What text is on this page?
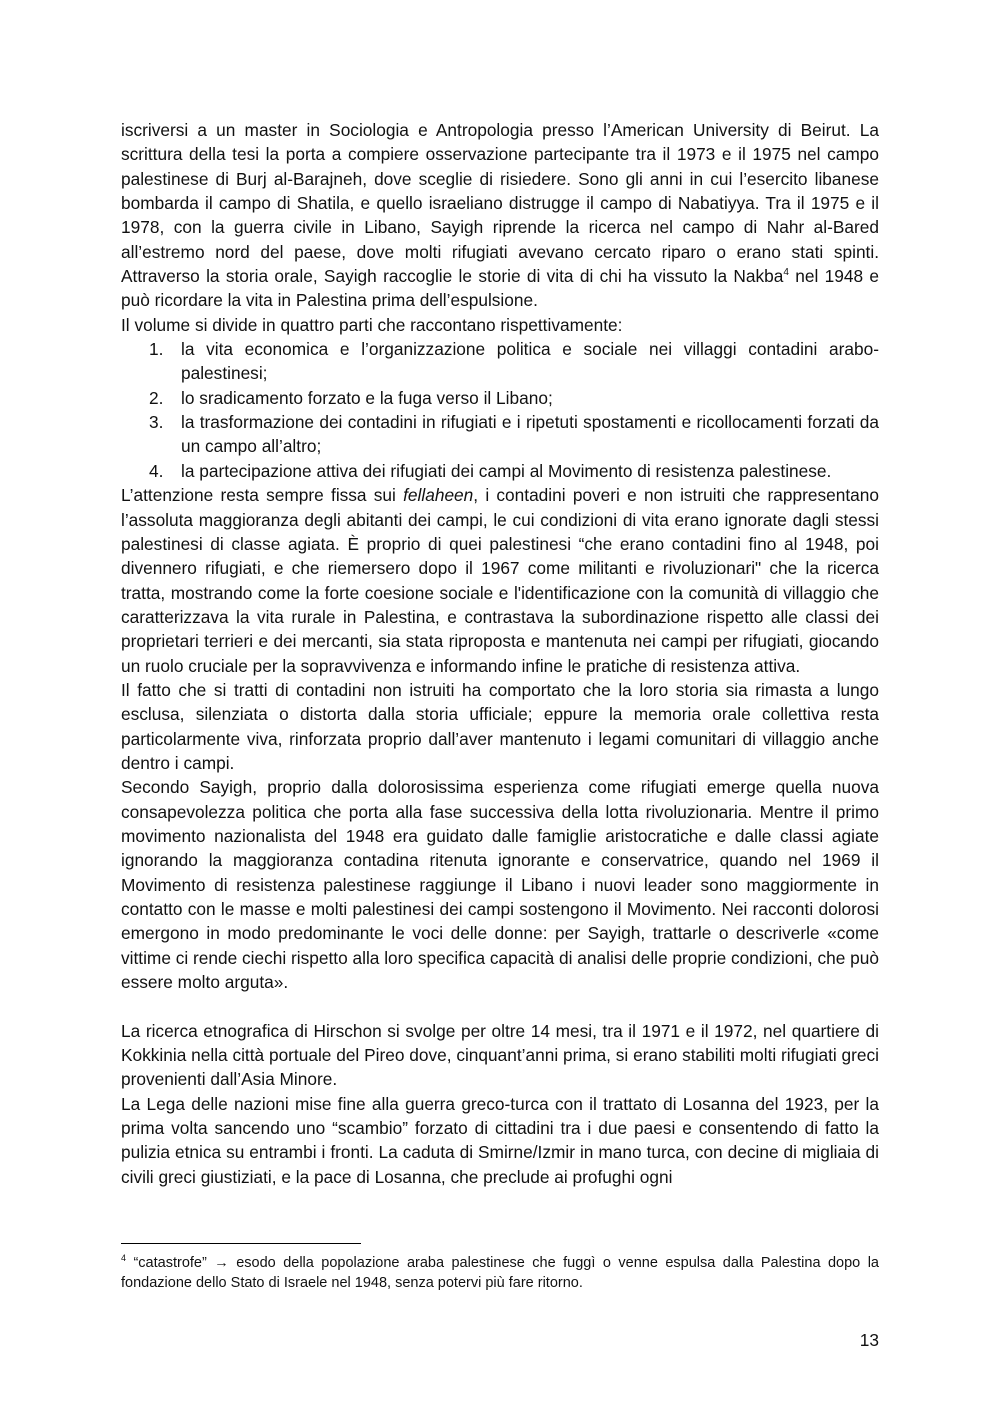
iscriversi a un master in Sociologia e Antropologia presso l’American University di Beirut. La scrittura della tesi la porta a compiere osservazione partecipante tra il 1973 e il 1975 nel campo palestinese di Burj al-Barajneh, dove sceglie di risiedere. Sono gli anni in cui l’esercito libanese bombarda il campo di Shatila, e quello israeliano distrugge il campo di Nabatiyya. Tra il 1975 e il 1978, con la guerra civile in Libano, Sayigh riprende la ricerca nel campo di Nahr al-Bared all’estremo nord del paese, dove molti rifugiati avevano cercato riparo o erano stati spinti. Attraverso la storia orale, Sayigh raccoglie le storie di vita di chi ha vissuto la Nakba$^4$ nel 1948 e può ricordare la vita in Palestina prima dell’espulsione.

Il volume si divide in quattro parti che raccontano rispettivamente:

1. la vita economica e l’organizzazione politica e sociale nei villaggi contadini arabo-palestinesi;
2. lo sradicamento forzato e la fuga verso il Libano;
3. la trasformazione dei contadini in rifugiati e i ripetuti spostamenti e ricollocamenti forzati da un campo all’altro;
4. la partecipazione attiva dei rifugiati dei campi al Movimento di resistenza palestinese.

L’attenzione resta sempre fissa sui fellaheen, i contadini poveri e non istruiti che rappresentano l’assoluta maggioranza degli abitanti dei campi, le cui condizioni di vita erano ignorate dagli stessi palestinesi di classe agiata. È proprio di quei palestinesi “che erano contadini fino al 1948, poi divennero rifugiati, e che riemersero dopo il 1967 come militanti e rivoluzionari" che la ricerca tratta, mostrando come la forte coesione sociale e l'identificazione con la comunità di villaggio che caratterizzava la vita rurale in Palestina, e contrastava la subordinazione rispetto alle classi dei proprietari terrieri e dei mercanti, sia stata riproposta e mantenuta nei campi per rifugiati, giocando un ruolo cruciale per la sopravvivenza e informando infine le pratiche di resistenza attiva.

Il fatto che si tratti di contadini non istruiti ha comportato che la loro storia sia rimasta a lungo esclusa, silenziata o distorta dalla storia ufficiale; eppure la memoria orale collettiva resta particolarmente viva, rinforzata proprio dall’aver mantenuto i legami comunitari di villaggio anche dentro i campi.

Secondo Sayigh, proprio dalla dolorosissima esperienza come rifugiati emerge quella nuova consapevolezza politica che porta alla fase successiva della lotta rivoluzionaria. Mentre il primo movimento nazionalista del 1948 era guidato dalle famiglie aristocratiche e dalle classi agiate ignorando la maggioranza contadina ritenuta ignorante e conservatrice, quando nel 1969 il Movimento di resistenza palestinese raggiunge il Libano i nuovi leader sono maggiormente in contatto con le masse e molti palestinesi dei campi sostengono il Movimento. Nei racconti dolorosi emergono in modo predominante le voci delle donne: per Sayigh, trattarle o descriverle «come vittime ci rende ciechi rispetto alla loro specifica capacità di analisi delle proprie condizioni, che può essere molto arguta».

La ricerca etnografica di Hirschon si svolge per oltre 14 mesi, tra il 1971 e il 1972, nel quartiere di Kokkinia nella città portuale del Pireo dove, cinquant’anni prima, si erano stabiliti molti rifugiati greci provenienti dall’Asia Minore.

La Lega delle nazioni mise fine alla guerra greco-turca con il trattato di Losanna del 1923, per la prima volta sancendo uno “scambio” forzato di cittadini tra i due paesi e consentendo di fatto la pulizia etnica su entrambi i fronti. La caduta di Smirne/Izmir in mano turca, con decine di migliaia di civili greci giustiziati, e la pace di Losanna, che preclude ai profughi ogni

$^4$ “catastrofe” → esodo della popolazione araba palestinese che fuggì o venne espulsa dalla Palestina dopo la fondazione dello Stato di Israele nel 1948, senza potervi più fare ritorno.

13
